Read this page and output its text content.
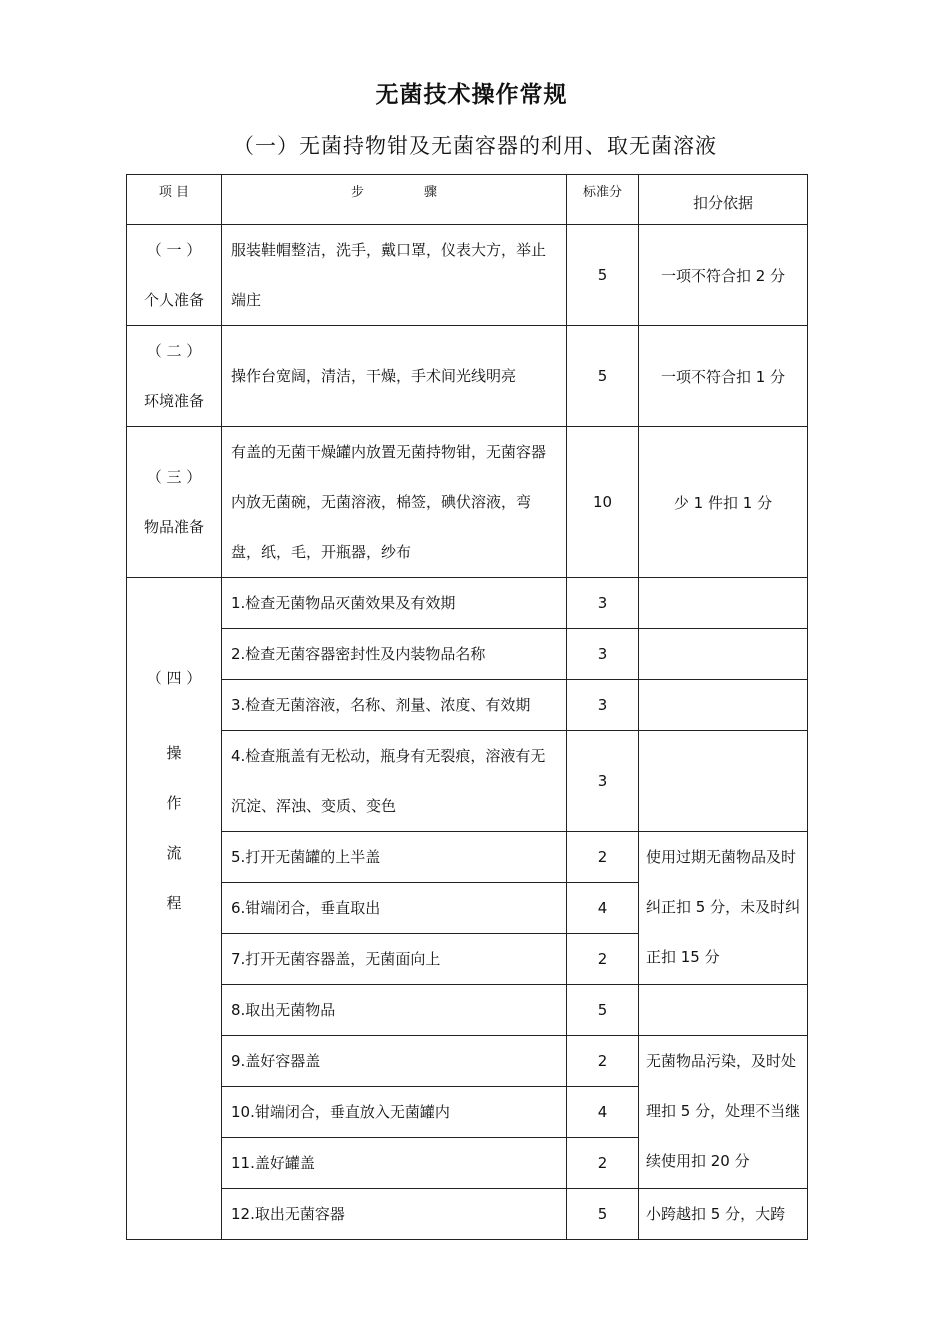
无菌技术操作常规
（一）无菌持物钳及无菌容器的利用、取无菌溶液
项 目	步 骤	标准分	扣分依据

（ 一 ）
个人准备	服装鞋帽整洁，洗手，戴口罩，仪表大方，举止端庄	5	一项不符合扣 2 分

（ 二 ）
环境准备	操作台宽阔，清洁，干燥，手术间光线明亮	5	一项不符合扣 1 分

（ 三 ）
物品准备	有盖的无菌干燥罐内放置无菌持物钳，无菌容器内放无菌碗，无菌溶液，棉签，碘伏溶液，弯盘，纸，毛，开瓶器，纱布	10	少 1 件扣 1 分

（ 四 ）
操
作
流
程	1.检查无菌物品灭菌效果及有效期	3	
	2.检查无菌容器密封性及内装物品名称	3	
	3.检查无菌溶液，名称、剂量、浓度、有效期	3	
	4.检查瓶盖有无松动，瓶身有无裂痕，溶液有无沉淀、浑浊、变质、变色	3	
	5.打开无菌罐的上半盖	2	使用过期无菌物品及时纠正扣 5 分，未及时纠正扣 15 分
	6.钳端闭合，垂直取出	4	
	7.打开无菌容器盖，无菌面向上	2	
	8.取出无菌物品	5	
	9.盖好容器盖	2	无菌物品污染，及时处理扣 5 分，处理不当继续使用扣 20 分
	10.钳端闭合，垂直放入无菌罐内	4	
	11.盖好罐盖	2	
	12.取出无菌容器	5	小跨越扣 5 分，大跨
